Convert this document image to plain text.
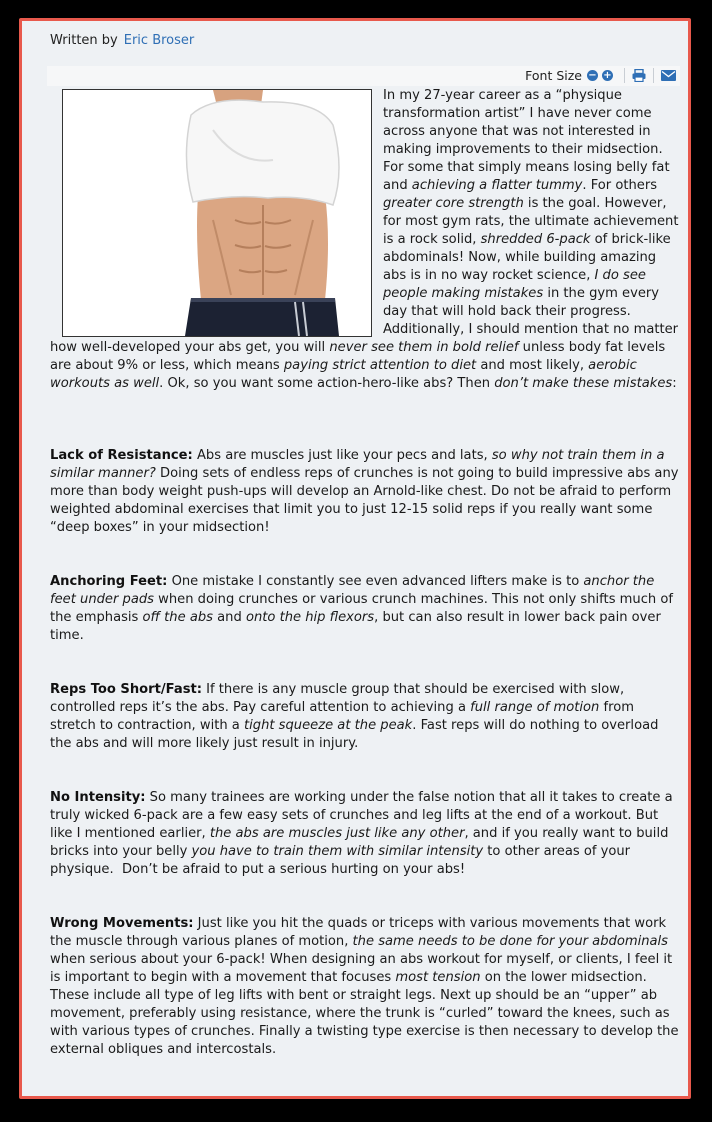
Written by Eric Broser
Font Size − +

In my 27-year career as a “physique transformation artist” I have never come across anyone that was not interested in making improvements to their midsection. For some that simply means losing belly fat and achieving a flatter tummy. For others greater core strength is the goal. However, for most gym rats, the ultimate achievement is a rock solid, shredded 6-pack of brick-like abdominals! Now, while building amazing abs is in no way rocket science, I do see people making mistakes in the gym every day that will hold back their progress. Additionally, I should mention that no matter how well-developed your abs get, you will never see them in bold relief unless body fat levels are about 9% or less, which means paying strict attention to diet and most likely, aerobic workouts as well. Ok, so you want some action-hero-like abs? Then don’t make these mistakes:

Lack of Resistance: Abs are muscles just like your pecs and lats, so why not train them in a similar manner? Doing sets of endless reps of crunches is not going to build impressive abs any more than body weight push-ups will develop an Arnold-like chest. Do not be afraid to perform weighted abdominal exercises that limit you to just 12-15 solid reps if you really want some “deep boxes” in your midsection!

Anchoring Feet: One mistake I constantly see even advanced lifters make is to anchor the feet under pads when doing crunches or various crunch machines. This not only shifts much of the emphasis off the abs and onto the hip flexors, but can also result in lower back pain over time.

Reps Too Short/Fast: If there is any muscle group that should be exercised with slow, controlled reps it’s the abs. Pay careful attention to achieving a full range of motion from stretch to contraction, with a tight squeeze at the peak. Fast reps will do nothing to overload the abs and will more likely just result in injury.

No Intensity: So many trainees are working under the false notion that all it takes to create a truly wicked 6-pack are a few easy sets of crunches and leg lifts at the end of a workout. But like I mentioned earlier, the abs are muscles just like any other, and if you really want to build bricks into your belly you have to train them with similar intensity to other areas of your physique.  Don’t be afraid to put a serious hurting on your abs!

Wrong Movements: Just like you hit the quads or triceps with various movements that work the muscle through various planes of motion, the same needs to be done for your abdominals when serious about your 6-pack! When designing an abs workout for myself, or clients, I feel it is important to begin with a movement that focuses most tension on the lower midsection. These include all type of leg lifts with bent or straight legs. Next up should be an “upper” ab movement, preferably using resistance, where the trunk is “curled” toward the knees, such as with various types of crunches. Finally a twisting type exercise is then necessary to develop the external obliques and intercostals.
